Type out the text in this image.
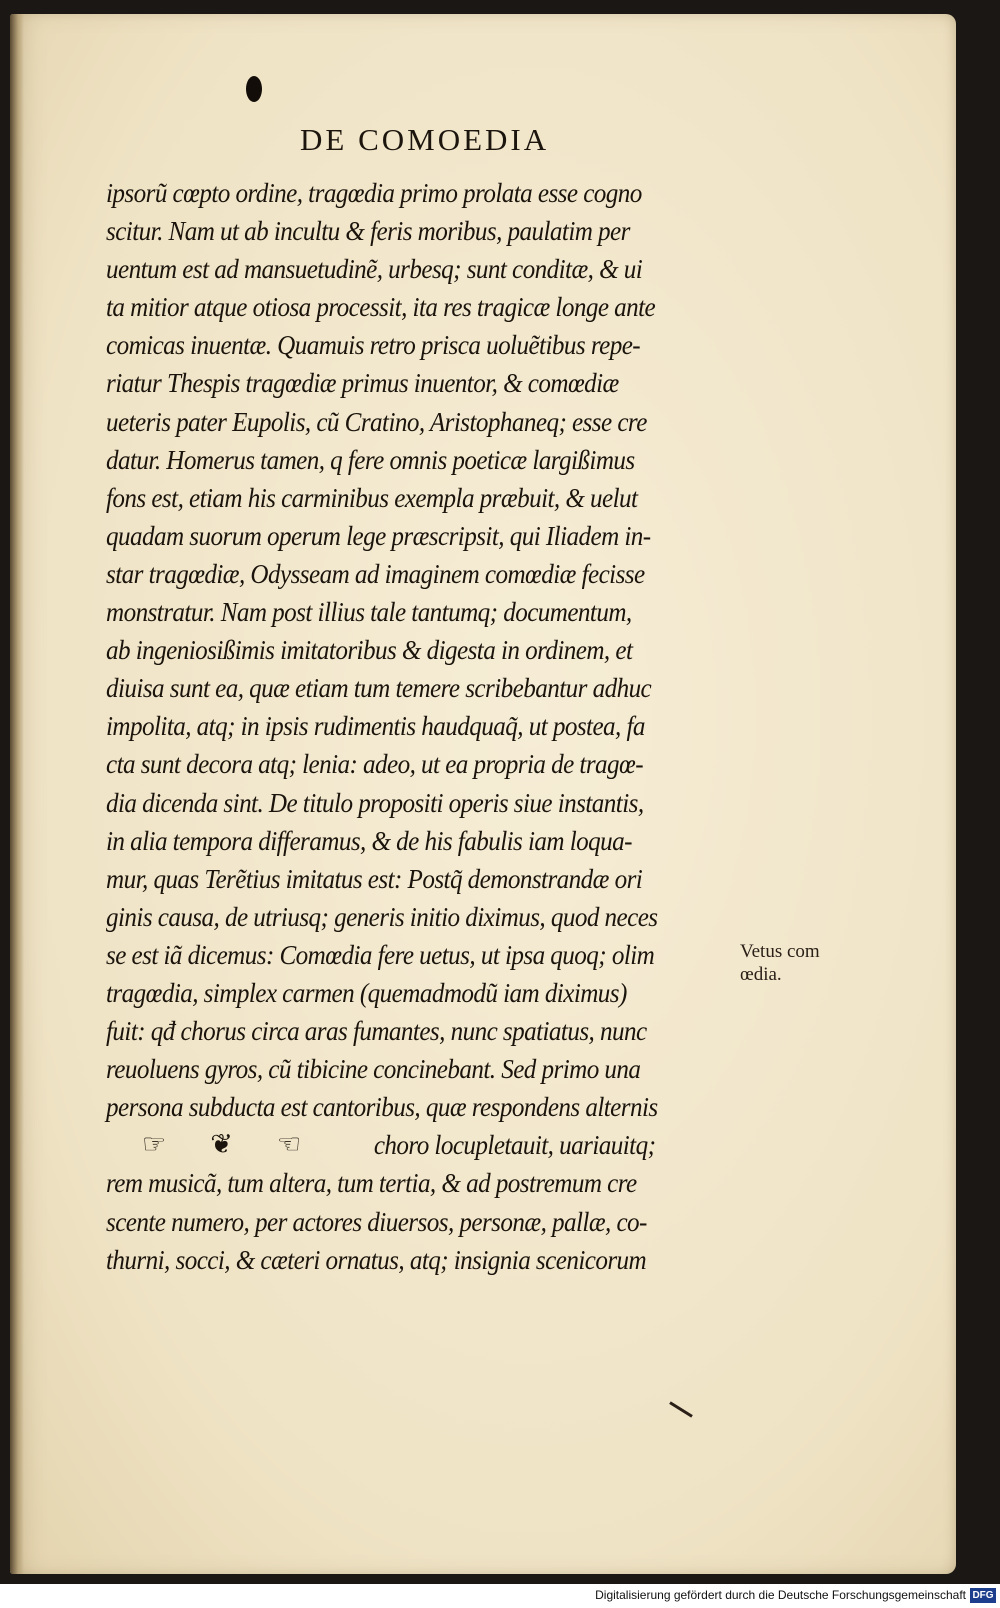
DE COMOEDIA
ipsorũ cœpto ordine, tragœdia primo prolata esse cogno
scitur. Nam ut ab incultu & feris moribus, paulatim per
uentum est ad mansuetudinẽ, urbesq; sunt conditæ, & ui
ta mitior atque otiosa processit, ita res tragicæ longe ante
comicas inuentæ. Quamuis retro prisca uoluẽtibus repe-
riatur Thespis tragœdiæ primus inuentor, & comœdiæ
ueteris pater Eupolis, cũ Cratino, Aristophaneq; esse cre
datur. Homerus tamen, q fere omnis poeticæ largißimus
fons est, etiam his carminibus exempla præbuit, & uelut
quadam suorum operum lege præscripsit, qui Iliadem in-
star tragœdiæ, Odysseam ad imaginem comœdiæ fecisse
monstratur. Nam post illius tale tantumq; documentum,
ab ingeniosißimis imitatoribus & digesta in ordinem, et
diuisa sunt ea, quæ etiam tum temere scribebantur adhuc
impolita, atq; in ipsis rudimentis haudquaq̃, ut postea, fa
cta sunt decora atq; lenia: adeo, ut ea propria de tragœ-
dia dicenda sint. De titulo propositi operis siue instantis,
in alia tempora differamus, & de his fabulis iam loqua-
mur, quas Terẽtius imitatus est: Postq̃ demonstrandæ ori
ginis causa, de utriusq; generis initio diximus, quod neces
se est iã dicemus: Comœdia fere uetus, ut ipsa quoq; olim
tragœdia, simplex carmen (quemadmodũ iam diximus)
fuit: qđ chorus circa aras fumantes, nunc spatiatus, nunc
reuoluens gyros, cũ tibicine concinebant. Sed primo una
persona subducta est cantoribus, quæ respondens alternis
choro locupletauit, uariauitq;
rem musicã, tum altera, tum tertia, & ad postremum cre
scente numero, per actores diuersos, personæ, pallæ, co-
thurni, socci, & cæteri ornatus, atq; insignia scenicorum
☞ ❦ ☜
Vetus com
œdia.
Digitalisierung gefördert durch die Deutsche Forschungsgemeinschaft DFG
